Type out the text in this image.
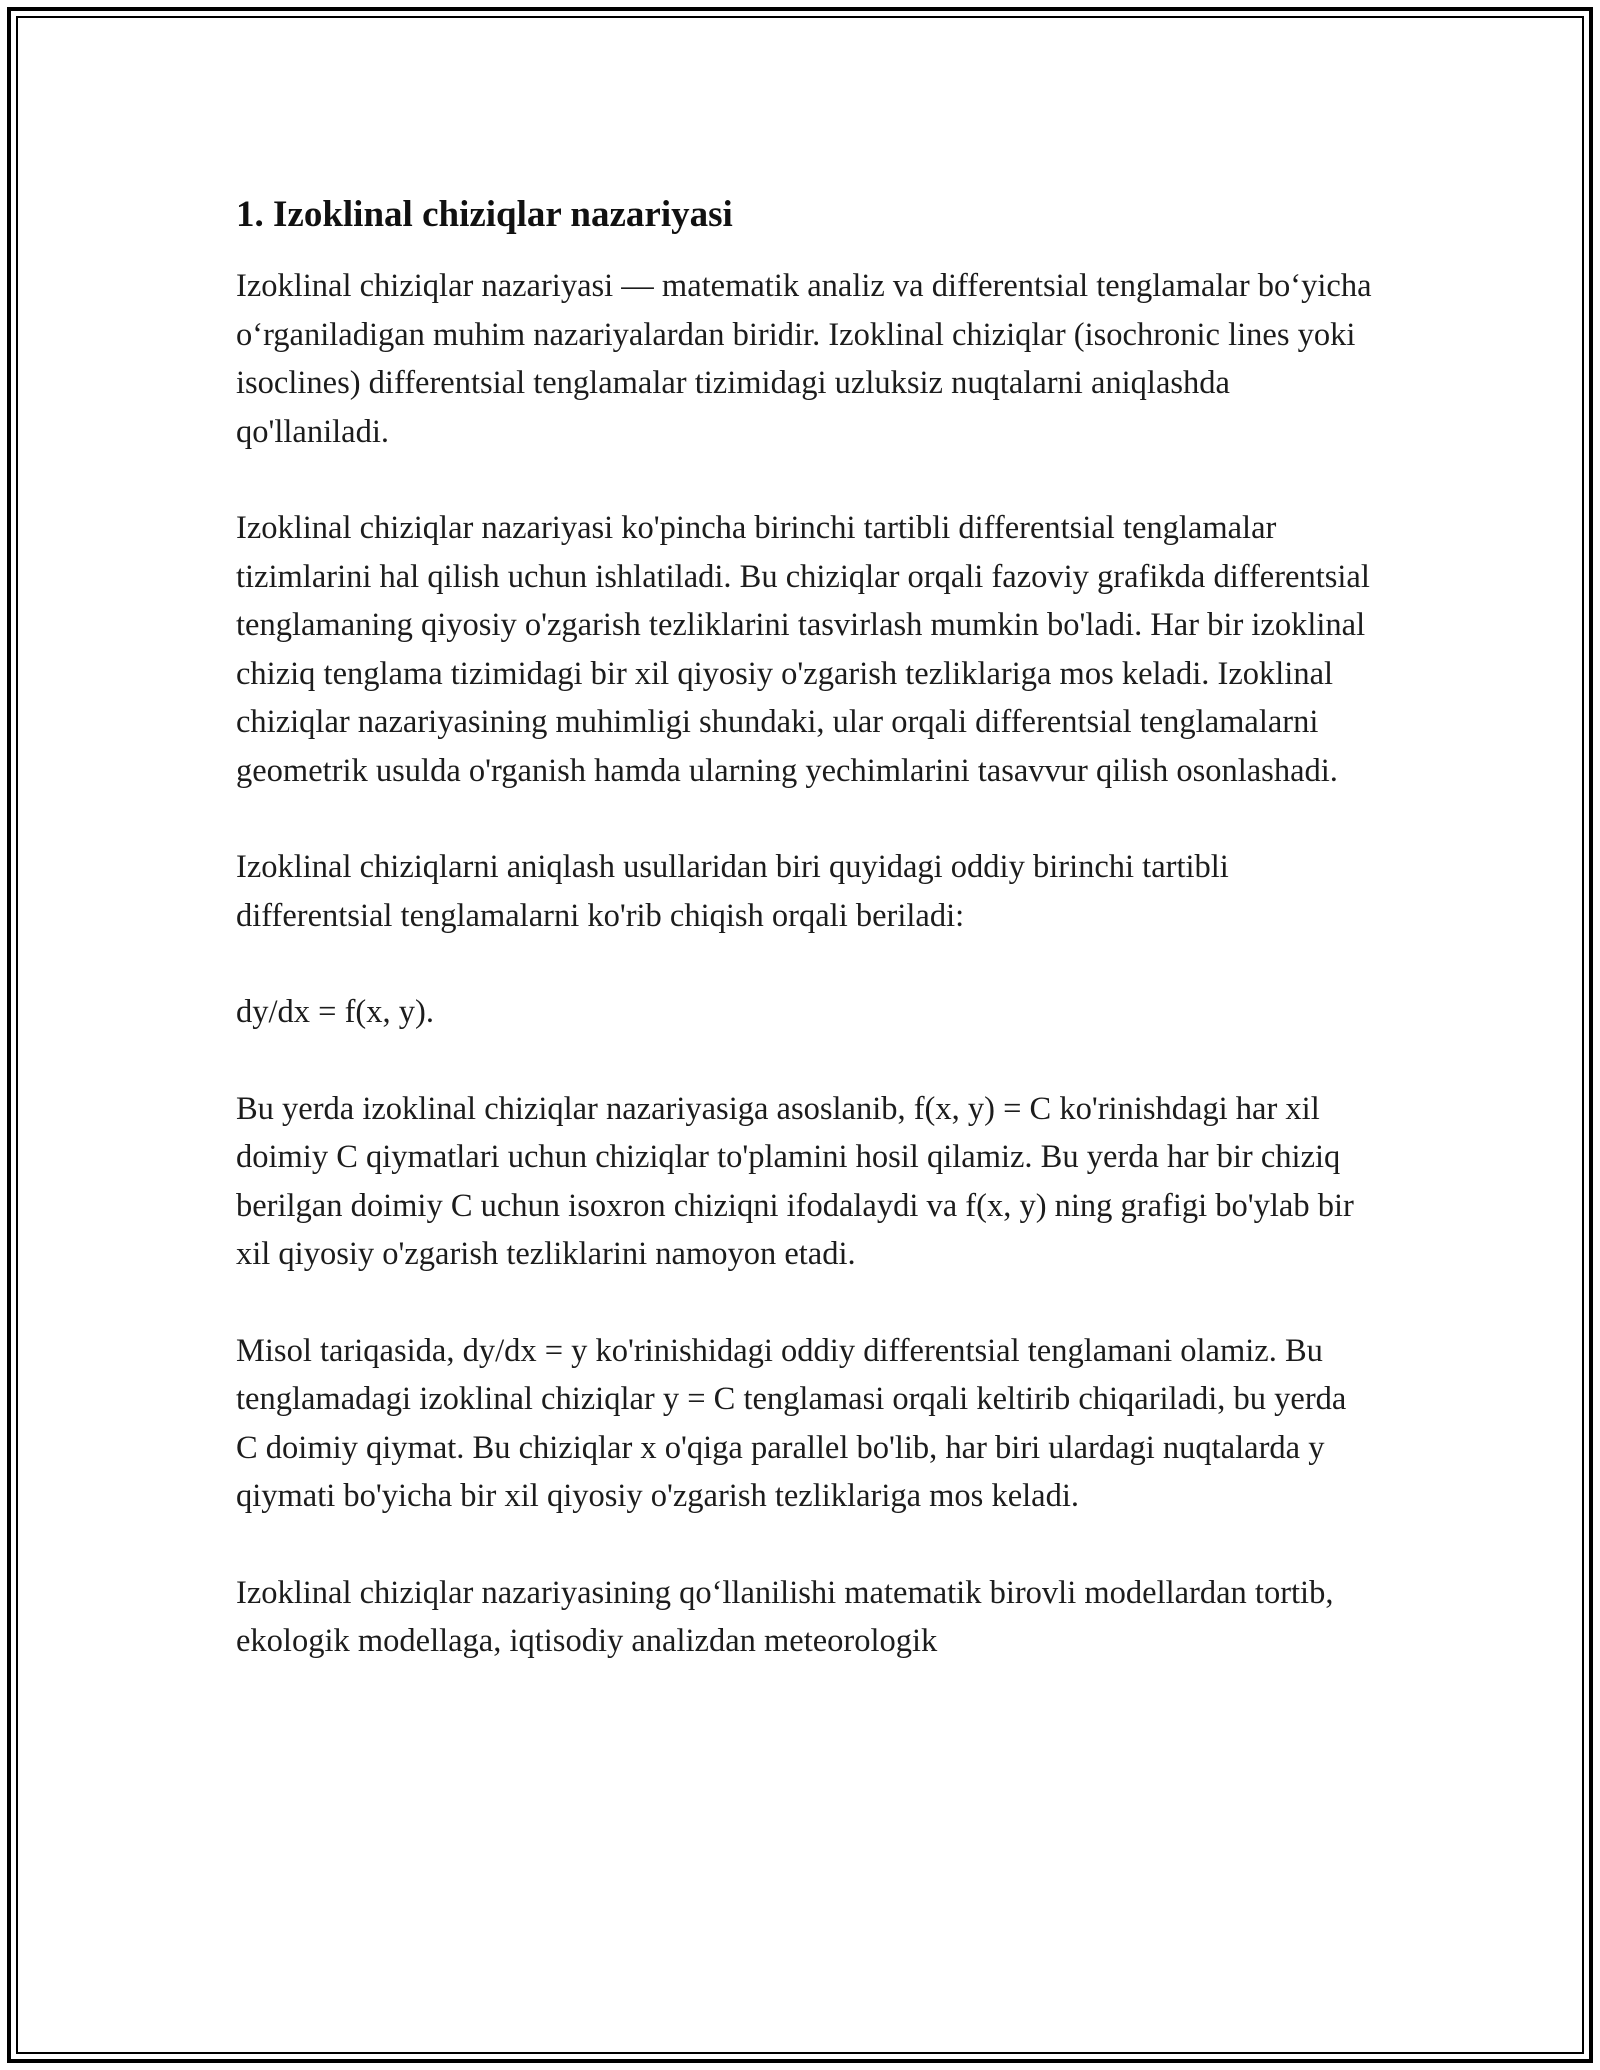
1. Izoklinal chiziqlar nazariyasi

Izoklinal chiziqlar nazariyasi — matematik analiz va differentsial tenglamalar bo‘yicha o‘rganiladigan muhim nazariyalardan biridir. Izoklinal chiziqlar (isochronic lines yoki isoclines) differentsial tenglamalar tizimidagi uzluksiz nuqtalarni aniqlashda qo'llaniladi.

Izoklinal chiziqlar nazariyasi ko'pincha birinchi tartibli differentsial tenglamalar tizimlarini hal qilish uchun ishlatiladi. Bu chiziqlar orqali fazoviy grafikda differentsial tenglamaning qiyosiy o'zgarish tezliklarini tasvirlash mumkin bo'ladi. Har bir izoklinal chiziq tenglama tizimidagi bir xil qiyosiy o'zgarish tezliklariga mos keladi. Izoklinal chiziqlar nazariyasining muhimligi shundaki, ular orqali differentsial tenglamalarni geometrik usulda o'rganish hamda ularning yechimlarini tasavvur qilish osonlashadi.

Izoklinal chiziqlarni aniqlash usullaridan biri quyidagi oddiy birinchi tartibli differentsial tenglamalarni ko'rib chiqish orqali beriladi:

dy/dx = f(x, y).

Bu yerda izoklinal chiziqlar nazariyasiga asoslanib, f(x, y) = C ko'rinishdagi har xil doimiy C qiymatlari uchun chiziqlar to'plamini hosil qilamiz. Bu yerda har bir chiziq berilgan doimiy C uchun isoxron chiziqni ifodalaydi va f(x, y) ning grafigi bo'ylab bir xil qiyosiy o'zgarish tezliklarini namoyon etadi.

Misol tariqasida, dy/dx = y ko'rinishidagi oddiy differentsial tenglamani olamiz. Bu tenglamadagi izoklinal chiziqlar y = C tenglamasi orqali keltirib chiqariladi, bu yerda C doimiy qiymat. Bu chiziqlar x o'qiga parallel bo'lib, har biri ulardagi nuqtalarda y qiymati bo'yicha bir xil qiyosiy o'zgarish tezliklariga mos keladi.

Izoklinal chiziqlar nazariyasining qo‘llanilishi matematik birovli modellardan tortib, ekologik modellaga, iqtisodiy analizdan meteorologik
